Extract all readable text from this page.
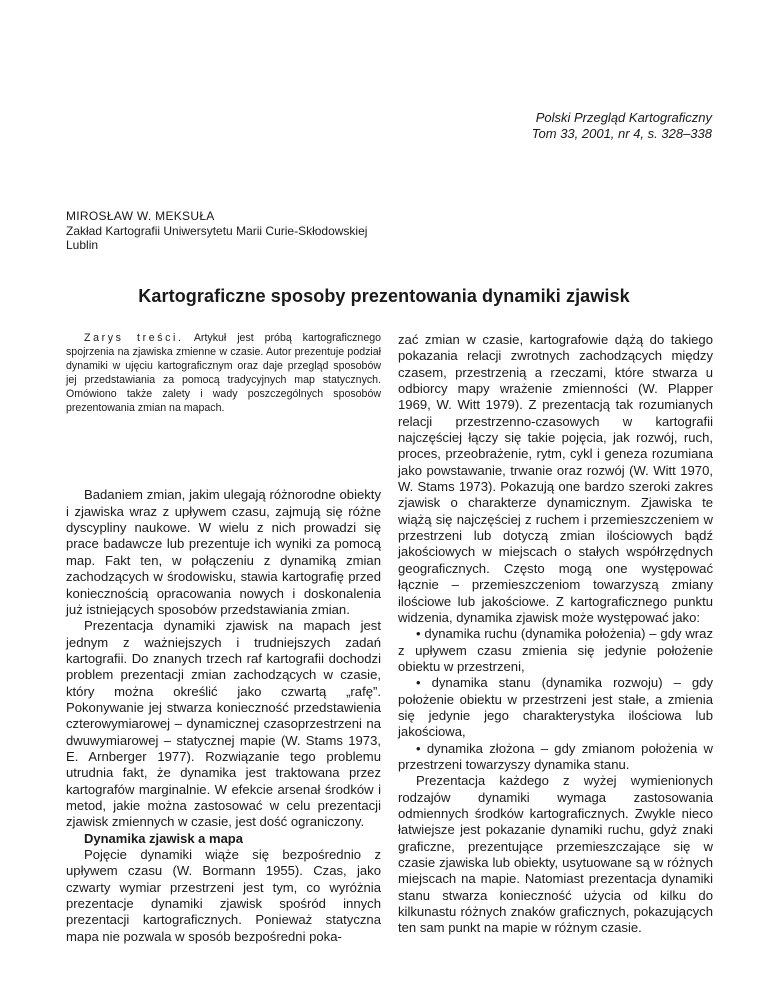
Polski Przegląd Kartograficzny
Tom 33, 2001, nr 4, s. 328–338
MIROSŁAW W. MEKSUŁA
Zakład Kartografii Uniwersytetu Marii Curie-Skłodowskiej
Lublin
Kartograficzne sposoby prezentowania dynamiki zjawisk
Zarys treści. Artykuł jest próbą kartograficznego spojrzenia na zjawiska zmienne w czasie. Autor prezentuje podział dynamiki w ujęciu kartograficznym oraz daje przegląd sposobów jej przedstawiania za pomocą tradycyjnych map statycznych. Omówiono także zalety i wady poszczególnych sposobów prezentowania zmian na mapach.

Badaniem zmian, jakim ulegają różnorodne obiekty i zjawiska wraz z upływem czasu, zajmują się różne dyscypliny naukowe. W wielu z nich prowadzi się prace badawcze lub prezentuje ich wyniki za pomocą map. Fakt ten, w połączeniu z dynamiką zmian zachodzących w środowisku, stawia kartografię przed koniecznością opracowania nowych i doskonalenia już istniejących sposobów przedstawiania zmian.

Prezentacja dynamiki zjawisk na mapach jest jednym z ważniejszych i trudniejszych zadań kartografii. Do znanych trzech raf kartografii dochodzi problem prezentacji zmian zachodzących w czasie, który można określić jako czwartą „rafę”. Pokonywanie jej stwarza konieczność przedstawienia czterowymiarowej – dynamicznej czasoprzestrzeni na dwuwymiarowej – statycznej mapie (W. Stams 1973, E. Arnberger 1977). Rozwiązanie tego problemu utrudnia fakt, że dynamika jest traktowana przez kartografów marginalnie. W efekcie arsenał środków i metod, jakie można zastosować w celu prezentacji zjawisk zmiennych w czasie, jest dość ograniczony.

Dynamika zjawisk a mapa

Pojęcie dynamiki wiąże się bezpośrednio z upływem czasu (W. Bormann 1955). Czas, jako czwarty wymiar przestrzeni jest tym, co wyróżnia prezentacje dynamiki zjawisk spośród innych prezentacji kartograficznych. Ponieważ statyczna mapa nie pozwala w sposób bezpośredni poka-

zać zmian w czasie, kartografowie dążą do takiego pokazania relacji zwrotnych zachodzących między czasem, przestrzenią a rzeczami, które stwarza u odbiorcy mapy wrażenie zmienności (W. Plapper 1969, W. Witt 1979). Z prezentacją tak rozumianych relacji przestrzenno-czasowych w kartografii najczęściej łączy się takie pojęcia, jak rozwój, ruch, proces, przeobrażenie, rytm, cykl i geneza rozumiana jako powstawanie, trwanie oraz rozwój (W. Witt 1970, W. Stams 1973). Pokazują one bardzo szeroki zakres zjawisk o charakterze dynamicznym. Zjawiska te wiążą się najczęściej z ruchem i przemieszczeniem w przestrzeni lub dotyczą zmian ilościowych bądź jakościowych w miejscach o stałych współrzędnych geograficznych. Często mogą one występować łącznie – przemieszczeniom towarzyszą zmiany ilościowe lub jakościowe. Z kartograficznego punktu widzenia, dynamika zjawisk może występować jako:

• dynamika ruchu (dynamika położenia) – gdy wraz z upływem czasu zmienia się jedynie położenie obiektu w przestrzeni,

• dynamika stanu (dynamika rozwoju) – gdy położenie obiektu w przestrzeni jest stałe, a zmienia się jedynie jego charakterystyka ilościowa lub jakościowa,

• dynamika złożona – gdy zmianom położenia w przestrzeni towarzyszy dynamika stanu.

Prezentacja każdego z wyżej wymienionych rodzajów dynamiki wymaga zastosowania odmiennych środków kartograficznych. Zwykle nieco łatwiejsze jest pokazanie dynamiki ruchu, gdyż znaki graficzne, prezentujące przemieszczające się w czasie zjawiska lub obiekty, usytuowane są w różnych miejscach na mapie. Natomiast prezentacja dynamiki stanu stwarza konieczność użycia od kilku do kilkunastu różnych znaków graficznych, pokazujących ten sam punkt na mapie w różnym czasie.
